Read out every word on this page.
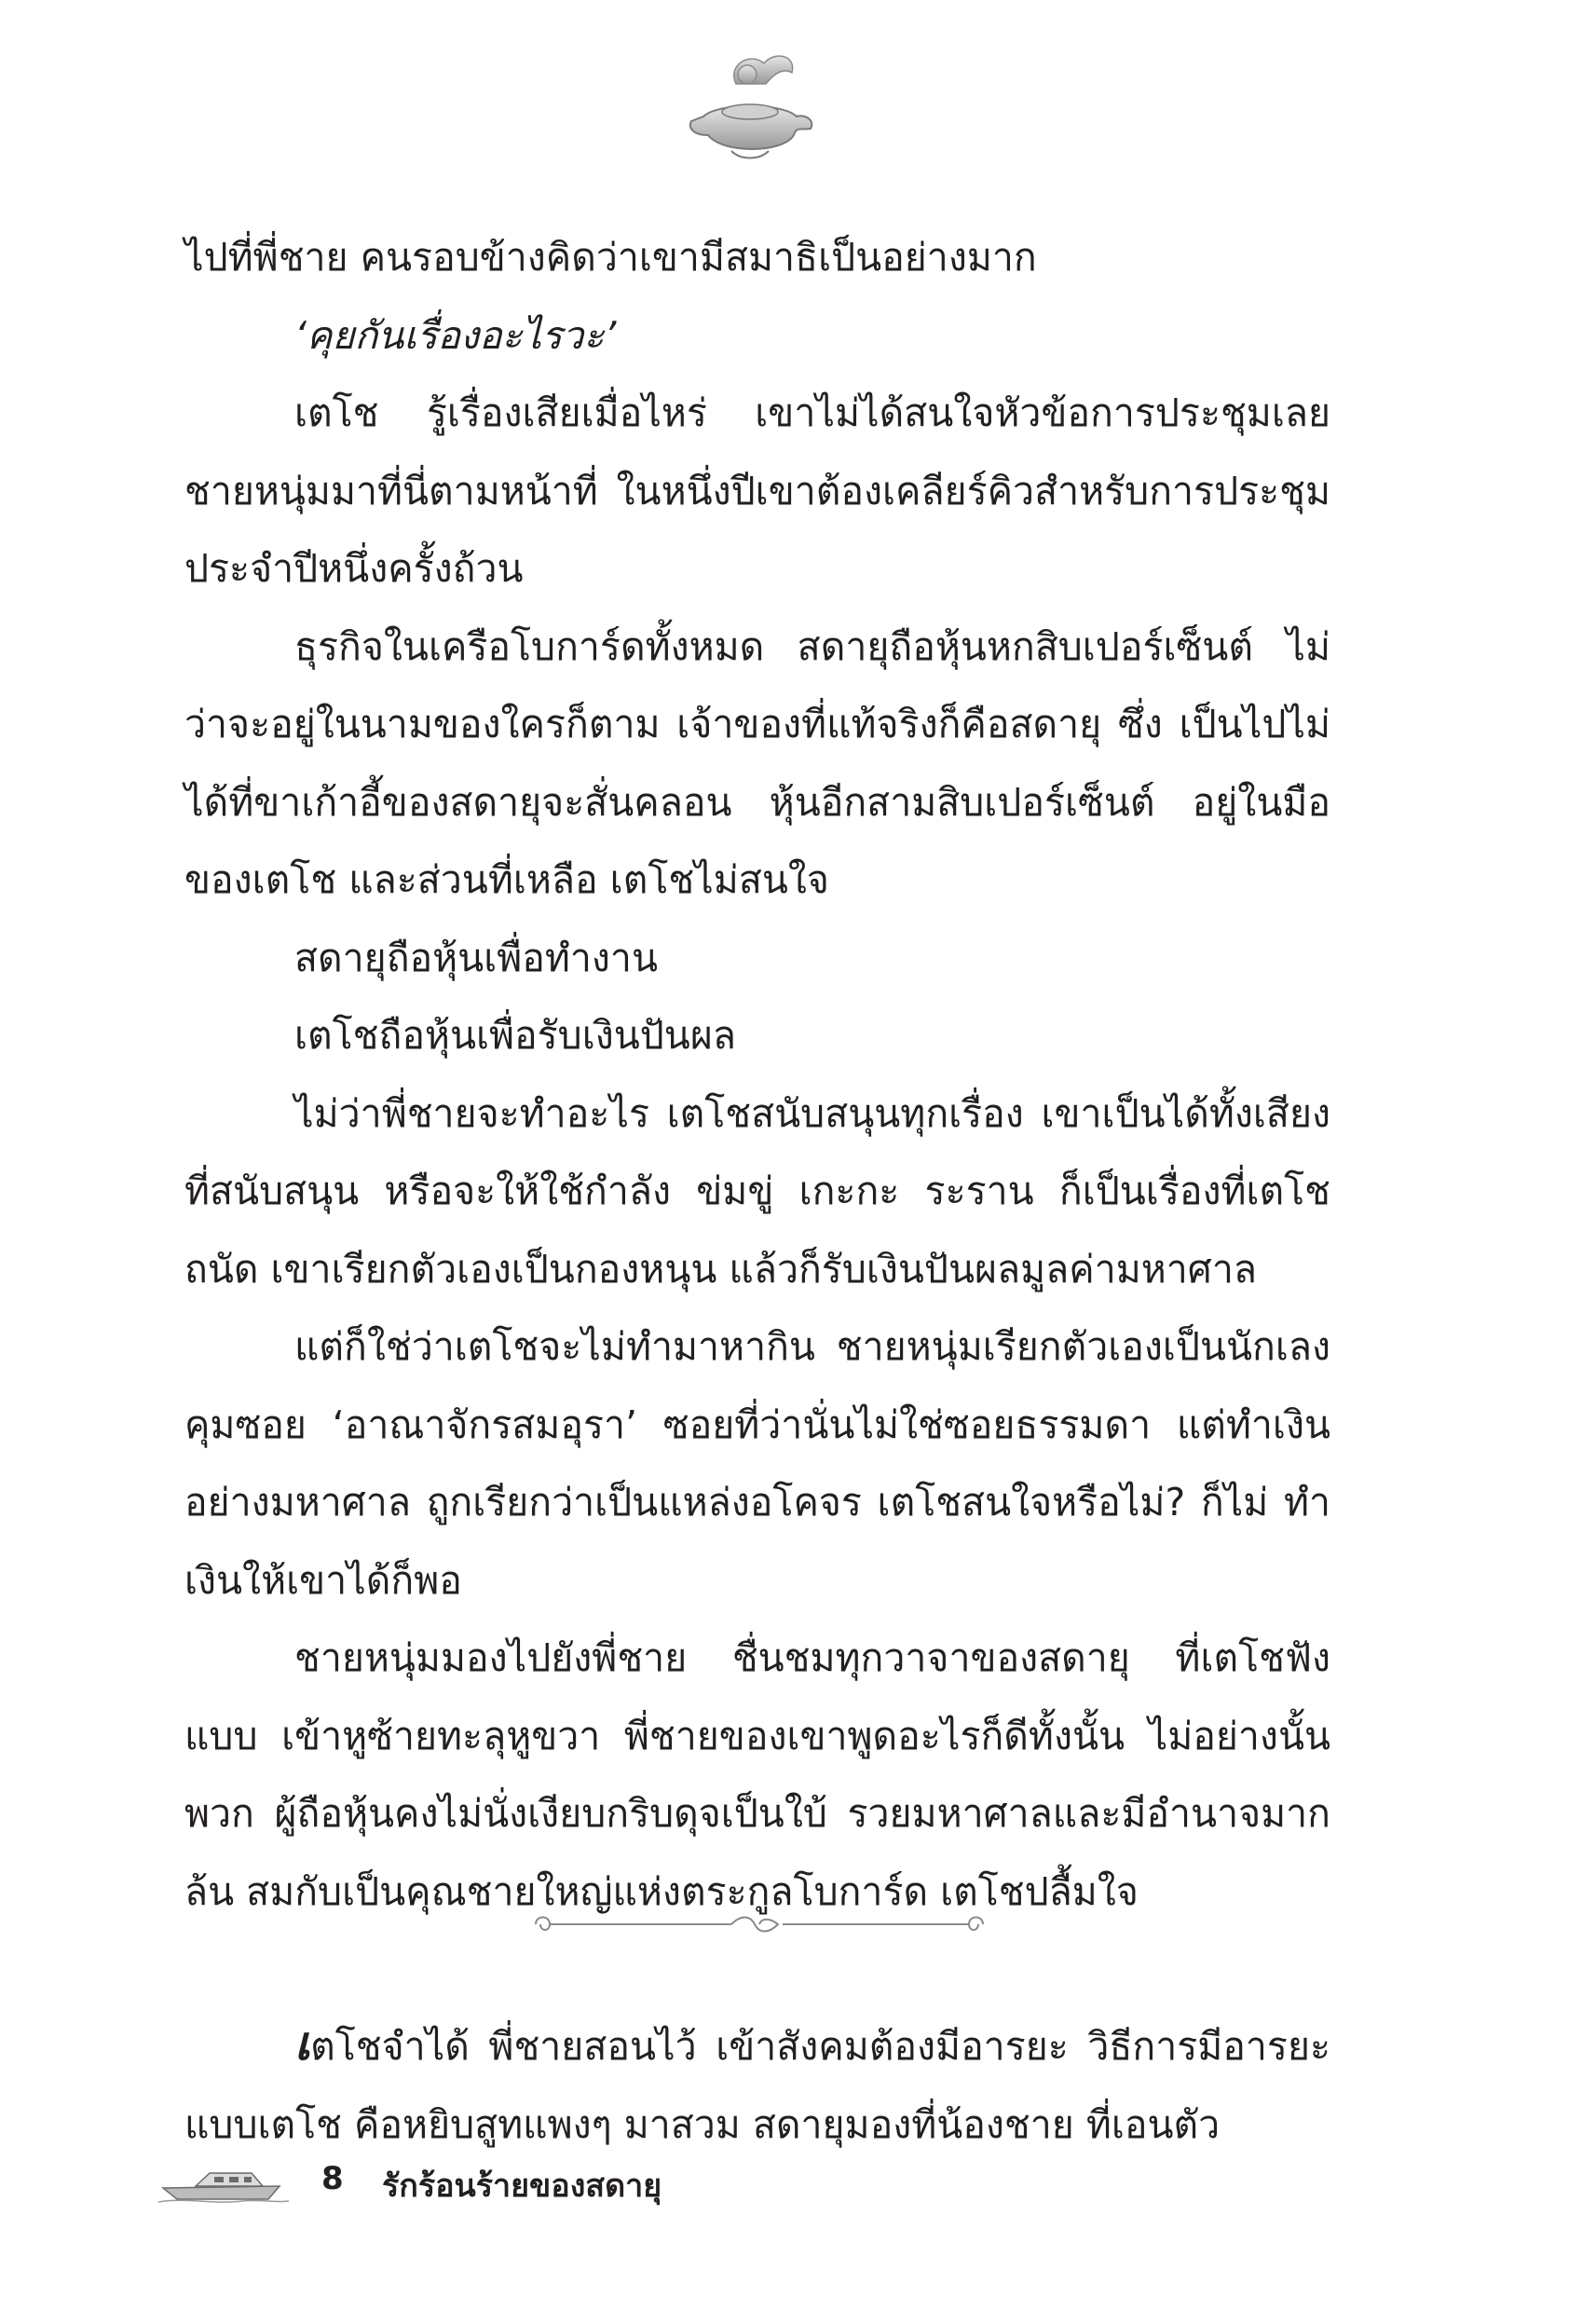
ไปที่พี่ชาย คนรอบข้างคิดว่าเขามีสมาธิเป็นอย่างมาก

‘คุยกันเรื่องอะไรวะ’

เตโช รู้เรื่องเสียเมื่อไหร่ เขาไม่ได้สนใจหัวข้อการประชุมเลย ชายหนุ่มมาที่นี่ตามหน้าที่ ในหนึ่งปีเขาต้องเคลียร์คิวสำหรับการประชุม ประจำปีหนึ่งครั้งถ้วน

ธุรกิจในเครือโบการ์ดทั้งหมด สดายุถือหุ้นหกสิบเปอร์เซ็นต์ ไม่ว่าจะอยู่ในนามของใครก็ตาม เจ้าของที่แท้จริงก็คือสดายุ ซึ่ง เป็นไปไม่ได้ที่ขาเก้าอี้ของสดายุจะสั่นคลอน หุ้นอีกสามสิบเปอร์เซ็นต์ อยู่ในมือของเตโช และส่วนที่เหลือ เตโชไม่สนใจ

สดายุถือหุ้นเพื่อทำงาน

เตโชถือหุ้นเพื่อรับเงินปันผล

ไม่ว่าพี่ชายจะทำอะไร เตโชสนับสนุนทุกเรื่อง เขาเป็นได้ทั้งเสียง ที่สนับสนุน หรือจะให้ใช้กำลัง ข่มขู่ เกะกะ ระราน ก็เป็นเรื่องที่เตโชถนัด เขาเรียกตัวเองเป็นกองหนุน แล้วก็รับเงินปันผลมูลค่ามหาศาล

แต่ก็ใช่ว่าเตโชจะไม่ทำมาหากิน ชายหนุ่มเรียกตัวเองเป็นนักเลง คุมซอย ‘อาณาจักรสมอุรา’ ซอยที่ว่านั่นไม่ใช่ซอยธรรมดา แต่ทำเงิน อย่างมหาศาล ถูกเรียกว่าเป็นแหล่งอโคจร เตโชสนใจหรือไม่? ก็ไม่ ทำเงินให้เขาได้ก็พอ

ชายหนุ่มมองไปยังพี่ชาย ชื่นชมทุกวาจาของสดายุ ที่เตโชฟังแบบ เข้าหูซ้ายทะลุหูขวา พี่ชายของเขาพูดอะไรก็ดีทั้งนั้น ไม่อย่างนั้นพวก ผู้ถือหุ้นคงไม่นั่งเงียบกริบดุจเป็นใบ้ รวยมหาศาลและมีอำนาจมากล้น สมกับเป็นคุณชายใหญ่แห่งตระกูลโบการ์ด เตโชปลื้มใจ

เตโชจำได้ พี่ชายสอนไว้ เข้าสังคมต้องมีอารยะ วิธีการมีอารยะ แบบเตโช คือหยิบสูทแพงๆ มาสวม สดายุมองที่น้องชาย ที่เอนตัว

8 รักร้อนร้ายของสดายุ
